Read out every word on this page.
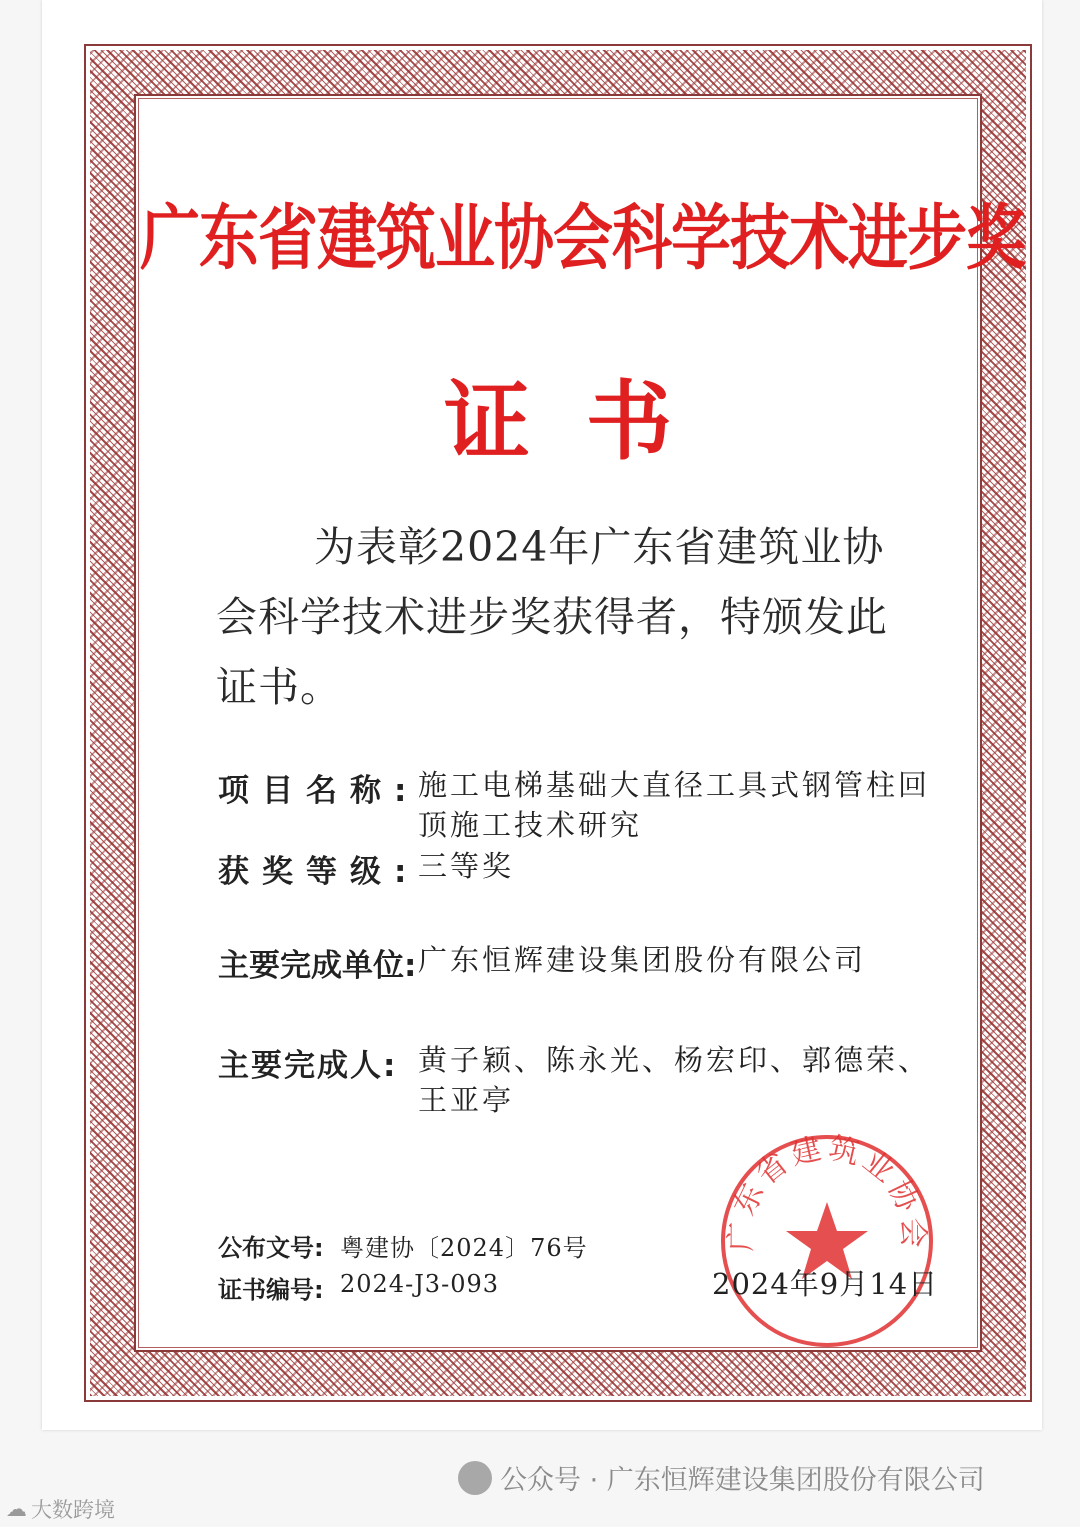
广东省建筑业协会科学技术进步奖
证书
为表彰2024年广东省建筑业协会科学技术进步奖获得者，特颁发此证书。
项目名称:
施工电梯基础大直径工具式钢管柱回顶施工技术研究
获奖等级:
三等奖
主要完成单位: 广东恒辉建设集团股份有限公司
主要完成人: 黄子颖、陈永光、杨宏印、郭德荣、王亚亭
公布文号: 粤建协〔2024〕76号
证书编号: 2024-J3-093
广东省建筑业协会
2024年9月14日
公众号 · 广东恒辉建设集团股份有限公司
☁ 大数跨境
